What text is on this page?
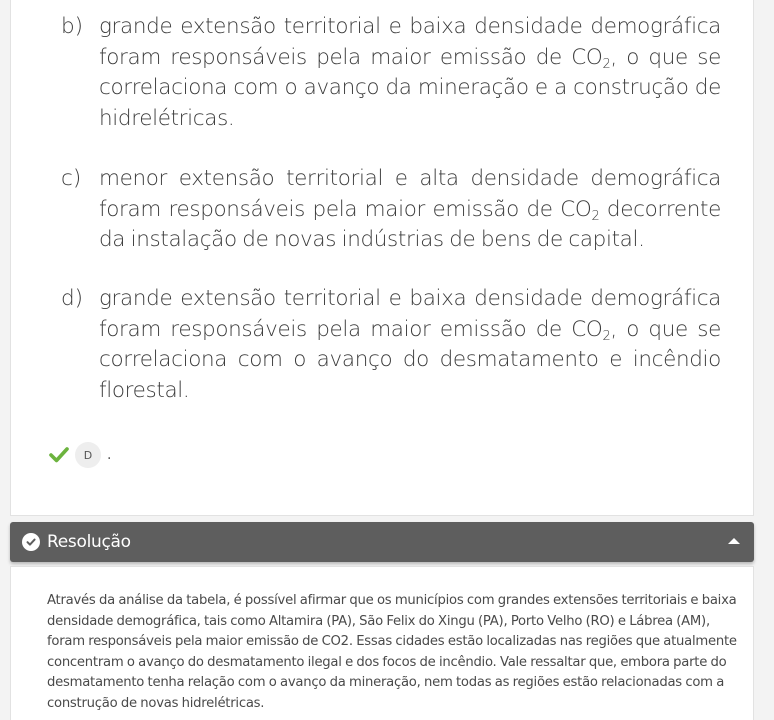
b) grande extensão territorial e baixa densidade demográfica foram responsáveis pela maior emissão de $CO_2$, o que se correlaciona com o avanço da mineração e a construção de hidrelétricas.
c) menor extensão territorial e alta densidade demográfica foram responsáveis pela maior emissão de $CO_2$ decorrente da instalação de novas indústrias de bens de capital.
d) grande extensão territorial e baixa densidade demográfica foram responsáveis pela maior emissão de $CO_2$, o que se correlaciona com o avanço do desmatamento e incêndio florestal.
D	.
Resolução

Através da análise da tabela, é possível afirmar que os municípios com grandes extensões territoriais e baixa densidade demográfica, tais como Altamira (PA), São Felix do Xingu (PA), Porto Velho (RO) e Lábrea (AM), foram responsáveis pela maior emissão de CO2. Essas cidades estão localizadas nas regiões que atualmente concentram o avanço do desmatamento ilegal e dos focos de incêndio. Vale ressaltar que, embora parte do desmatamento tenha relação com o avanço da mineração, nem todas as regiões estão relacionadas com a construção de novas hidrelétricas.
